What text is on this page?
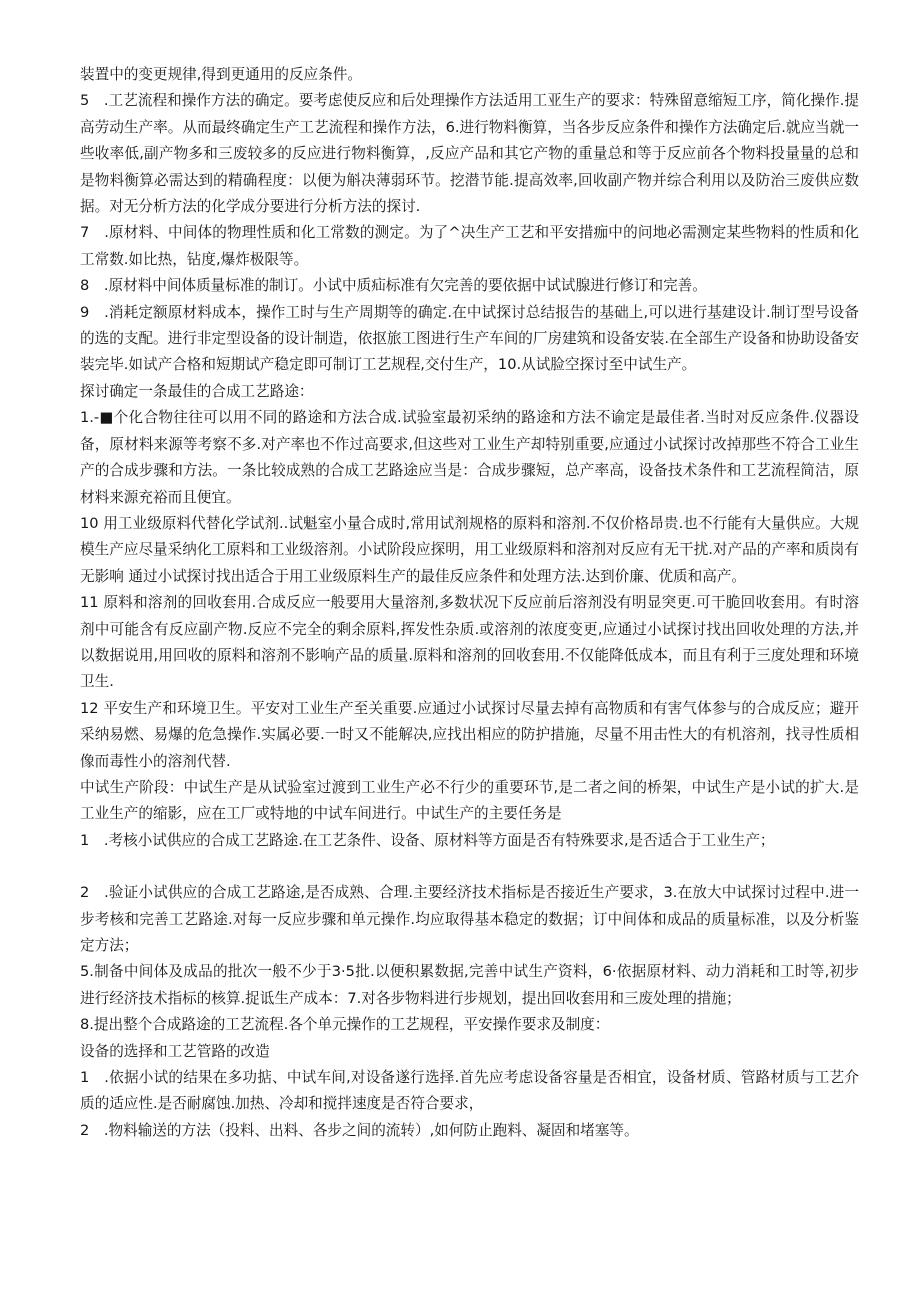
装置中的变更规律,得到更通用的反应条件。

5　.工艺流程和操作方法的确定。要考虑使反应和后处理操作方法适用工亚生产的要求：特殊留意缩短工序，简化操作.提高劳动生产率。从而最终确定生产工艺流程和操作方法，6.进行物料衡算，当各步反应条件和操作方法确定后.就应当就一些收率低,副产物多和三废较多的反应进行物料衡算，,反应产品和其它产物的重量总和等于反应前各个物料投量量的总和是物料衡算必需达到的精确程度：以便为斛决薄弱环节。挖潜节能.提高效率,回收副产物并综合利用以及防治三废供应数据。对无分析方法的化学成分要进行分析方法的探讨.

7　.原材料、中间体的物理性质和化工常数的测定。为了^决生产工艺和平安措痂中的问地必需测定某些物料的性质和化工常数.如比热，钻度,爆炸极限等。

8　.原材料中间体质量标准的制订。小试中质疝标准有欠完善的要依据中试试腺进行修订和完善。

9　.消耗定额原材料成本，操作工时与生产周期等的确定.在中试探讨总结报告的基础上,可以进行基建设计.制订型号设备的选的支配。进行非定型设备的设计制造，依抠旅工图进行生产车间的厂房建筑和设备安装.在全部生产设备和协助设备安装完毕.如试产合格和短期试产稳定即可制订工艺规程,交付生产，10.从试脸空探讨至中试生产。

探讨确定一条最佳的合成工艺路途：

1.-■个化合物往往可以用不同的路途和方法合成.试验室最初采纳的路途和方法不谕定是最佳者.当时对反应条件.仪器设备，原材料来源等考察不多.对产率也不作过高要求,但这些对工业生产却特别重要,应通过小试探讨改掉那些不符合工业生产的合成步骤和方法。一条比较成熟的合成工艺路途应当是：合成步骤短，总产率高，设备技术条件和工艺流程简洁，原材料来源充裕而且便宜。

10 用工业级原料代替化学试剂..试魁室小量合成时,常用试剂规格的原料和溶剂.不仅价格昂贵.也不行能有大量供应。大规模生产应尽量采纳化工原料和工业级溶剂。小试阶段应探明，用工业级原料和溶剂对反应有无干扰.对产品的产率和质岗有无影响 通过小试探讨找出适合于用工业级原料生产的最佳反应条件和处理方法.达到价廉、优质和高产。

11 原料和溶剂的回收套用.合成反应一般要用大量溶剂,多数状况下反应前后溶剂没有明显突更.可干脆回收套用。有时溶剂中可能含有反应副产物.反应不完全的剩余原料,挥发性杂质.或溶剂的浓度变更,应通过小试探讨找出回收处理的方法,并以数据说用,用回收的原料和溶剂不影响产品的质量.原料和溶剂的回收套用.不仅能降低成本，而且有利于三度处理和环境卫生.

12 平安生产和环境卫生。平安对工业生产至关重要.应通过小试探讨尽量去掉有高物质和有害气体参与的合成反应；避开采纳易燃、易爆的危急操作.实属必要.一时又不能解决,应找出相应的防护措施，尽量不用击性大的有机溶剂，找寻性质相像而毒性小的溶剂代替.

中试生产阶段：中试生产是从试验室过渡到工业生产必不行少的重要环节,是二者之间的桥架，中试生产是小试的扩大.是工业生产的缩影，应在工厂或特地的中试车间进行。中试生产的主要任务是

1　.考核小试供应的合成工艺路途.在工艺条件、设备、原材料等方面是否有特殊要求,是否适合于工业生产；

2　.验证小试供应的合成工艺路途,是否成熟、合理.主要经济技术指标是否接近生产要求，3.在放大中试探讨过程中.进一步考核和完善工艺路途.对每一反应步骤和单元操作.均应取得基本稳定的数据；订中间体和成品的质量标准，以及分析鉴定方法；

5.制备中间体及成品的批次一般不少于3·5批.以便积累数据,完善中试生产资料，6·依据原材料、动力消耗和工时等,初步进行经济技术指标的核算.捉诋生产成本：7.对各步物料进行步规划，提出回收套用和三废处理的措施；

8.提出整个合成路途的工艺流程.各个单元操作的工艺规程，平安操作要求及制度：

设备的选择和工艺管路的改造

1　.依据小试的结果在多功掂、中试车间,对设备遂行选择.首先应考虑设备容量是否相宜，设备材质、管路材质与工艺介质的适应性.是否耐腐蚀.加热、冷却和搅拌速度是否符合要求，

2　.物料输送的方法（投料、出料、各步之间的流转）,如何防止跑料、凝固和堵塞等。
